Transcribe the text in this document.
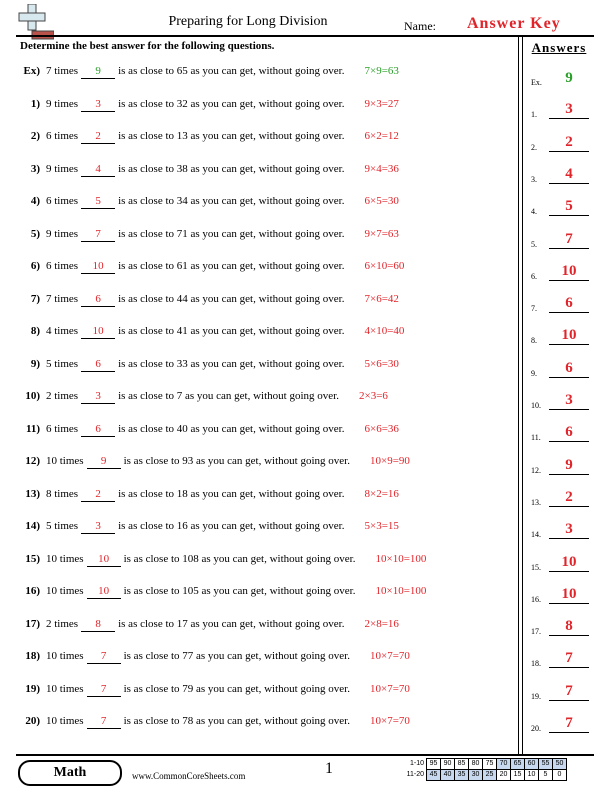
Preparing for Long Division	Name: Answer Key
Determine the best answer for the following questions.	Answers
Ex) 7 times 9 is as close to 65 as you can get, without going over. 7×9=63
1) 9 times 3 is as close to 32 as you can get, without going over. 9×3=27
2) 6 times 2 is as close to 13 as you can get, without going over. 6×2=12
3) 9 times 4 is as close to 38 as you can get, without going over. 9×4=36
4) 6 times 5 is as close to 34 as you can get, without going over. 6×5=30
5) 9 times 7 is as close to 71 as you can get, without going over. 9×7=63
6) 6 times 10 is as close to 61 as you can get, without going over. 6×10=60
7) 7 times 6 is as close to 44 as you can get, without going over. 7×6=42
8) 4 times 10 is as close to 41 as you can get, without going over. 4×10=40
9) 5 times 6 is as close to 33 as you can get, without going over. 5×6=30
10) 2 times 3 is as close to 7 as you can get, without going over. 2×3=6
11) 6 times 6 is as close to 40 as you can get, without going over. 6×6=36
12) 10 times 9 is as close to 93 as you can get, without going over. 10×9=90
13) 8 times 2 is as close to 18 as you can get, without going over. 8×2=16
14) 5 times 3 is as close to 16 as you can get, without going over. 5×3=15
15) 10 times 10 is as close to 108 as you can get, without going over. 10×10=100
16) 10 times 10 is as close to 105 as you can get, without going over. 10×10=100
17) 2 times 8 is as close to 17 as you can get, without going over. 2×8=16
18) 10 times 7 is as close to 77 as you can get, without going over. 10×7=70
19) 10 times 7 is as close to 79 as you can get, without going over. 10×7=70
20) 10 times 7 is as close to 78 as you can get, without going over. 10×7=70
Ex.	9
1.	3
2.	2
3.	4
4.	5
5.	7
6.	10
7.	6
8.	10
9.	6
10.	3
11.	6
12.	9
13.	2
14.	3
15.	10
16.	10
17.	8
18.	7
19.	7
20.	7
Math	www.CommonCoreSheets.com	1	1-10	95	90	85	80	75	70	65	60	55	50
11-20	45	40	35	30	25	20	15	10	5	0
